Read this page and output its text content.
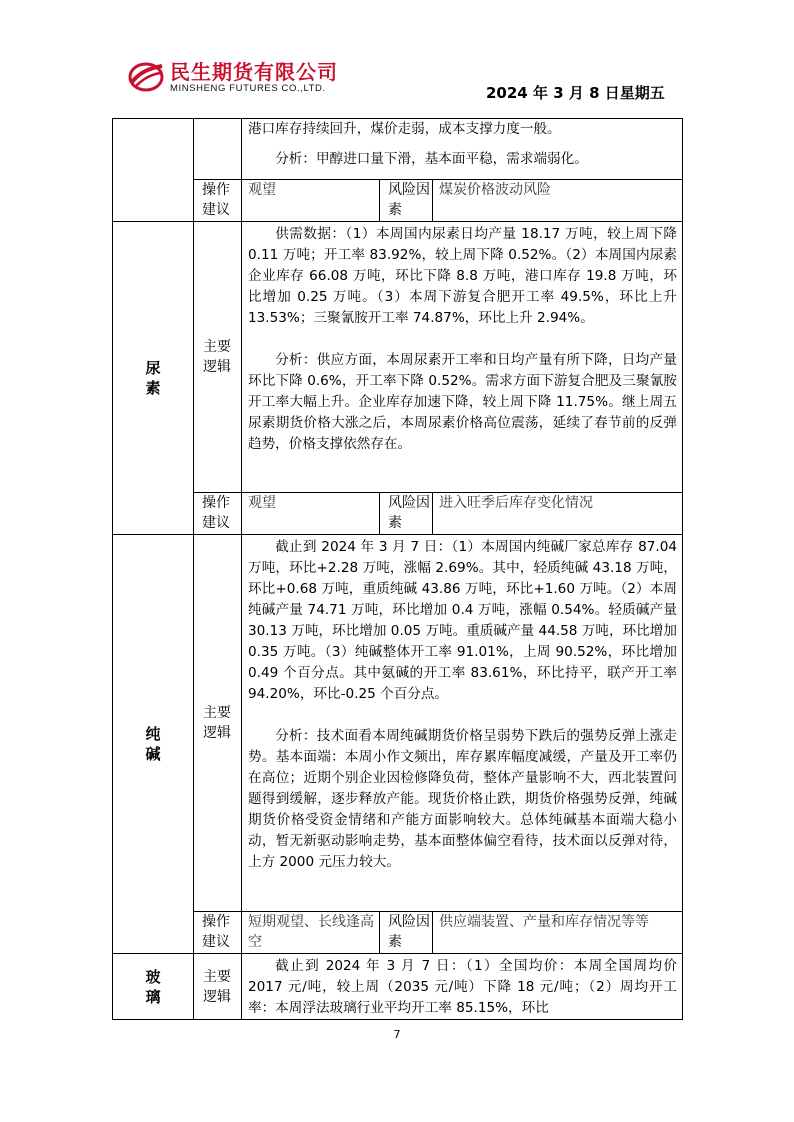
民生期货有限公司
MINSHENG FUTURES CO.,LTD.	2024 年 3 月 8 日星期五

		港口库存持续回升，煤价走弱，成本支撑力度一般。

分析：甲醇进口量下滑，基本面平稳，需求端弱化。		

	操作建议	观望	风险因素	煤炭价格波动风险
尿素	主要逻辑	供需数据：（1）本周国内尿素日均产量 18.17 万吨，较上周下降 0.11 万吨；开工率 83.92%，较上周下降 0.52%。（2）本周国内尿素企业库存 66.08 万吨，环比下降 8.8 万吨，港口库存 19.8 万吨，环比增加 0.25 万吨。（3）本周下游复合肥开工率 49.5%，环比上升 13.53%；三聚氰胺开工率 74.87%，环比上升 2.94%。

分析：供应方面，本周尿素开工率和日均产量有所下降，日均产量环比下降 0.6%，开工率下降 0.52%。需求方面下游复合肥及三聚氰胺开工率大幅上升。企业库存加速下降，较上周下降 11.75%。继上周五尿素期货价格大涨之后，本周尿素价格高位震荡，延续了春节前的反弹趋势，价格支撑依然存在。		

	操作建议	观望	风险因素	进入旺季后库存变化情况
纯碱	主要逻辑	截止到 2024 年 3 月 7 日：（1）本周国内纯碱厂家总库存 87.04 万吨，环比+2.28 万吨，涨幅 2.69%。其中，轻质纯碱 43.18 万吨，环比+0.68 万吨，重质纯碱 43.86 万吨，环比+1.60 万吨。（2）本周纯碱产量 74.71 万吨，环比增加 0.4 万吨，涨幅 0.54%。轻质碱产量 30.13 万吨，环比增加 0.05 万吨。重质碱产量 44.58 万吨，环比增加 0.35 万吨。（3）纯碱整体开工率 91.01%，上周 90.52%，环比增加 0.49 个百分点。其中氨碱的开工率 83.61%，环比持平，联产开工率 94.20%，环比-0.25 个百分点。

分析：技术面看本周纯碱期货价格呈弱势下跌后的强势反弹上涨走势。基本面端：本周小作文频出，库存累库幅度减缓，产量及开工率仍在高位；近期个别企业因检修降负荷，整体产量影响不大，西北装置问题得到缓解，逐步释放产能。现货价格止跌，期货价格强势反弹，纯碱期货价格受资金情绪和产能方面影响较大。总体纯碱基本面端大稳小动，暂无新驱动影响走势，基本面整体偏空看待，技术面以反弹对待，上方 2000 元压力较大。		

	操作建议	短期观望、长线逢高空	风险因素	供应端装置、产量和库存情况等等
玻璃	主要逻辑	截止到 2024 年 3 月 7 日：（1）全国均价：本周全国周均价 2017 元/吨，较上周（2035 元/吨）下降 18 元/吨；（2）周均开工率：本周浮法玻璃行业平均开工率 85.15%，环比		

7
